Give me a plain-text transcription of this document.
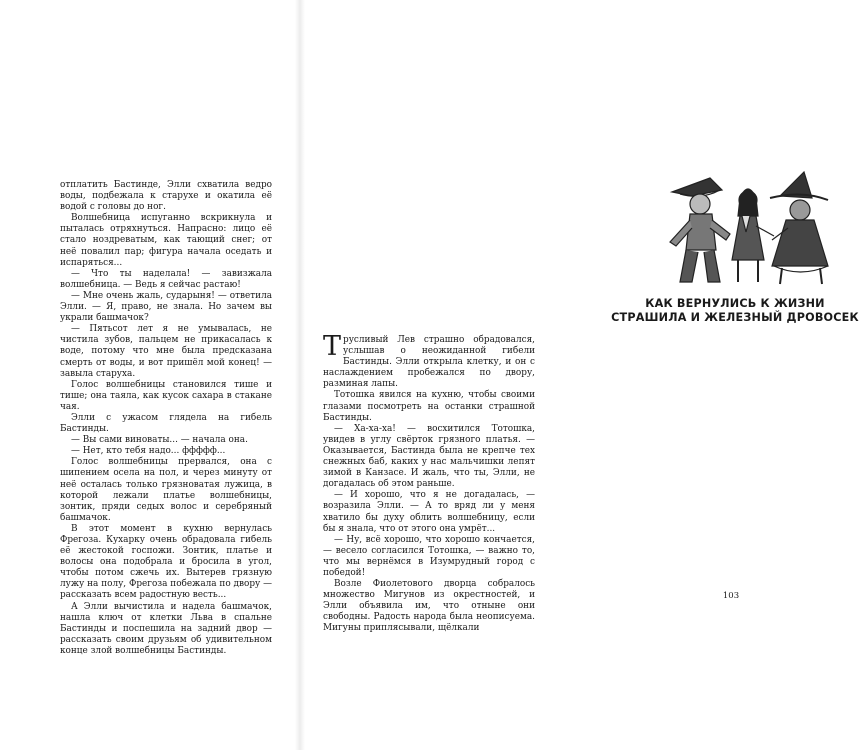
отплатить Бастинде, Элли схватила ведро воды, подбежала к старухе и окатила её водой с головы до ног.

Волшебница испуганно вскрикнула и пыталась отряхнуться. Напрасно: лицо её стало ноздреватым, как тающий снег; от неё повалил пар; фигура начала оседать и испаряться...

— Что ты наделала! — завизжала волшебница. — Ведь я сейчас растаю!

— Мне очень жаль, сударыня! — ответила Элли. — Я, право, не знала. Но зачем вы украли башмачок?

— Пятьсот лет я не умывалась, не чистила зубов, пальцем не прикасалась к воде, потому что мне была предсказана смерть от воды, и вот пришёл мой конец! — завыла старуха.

Голос волшебницы становился тише и тише; она таяла, как кусок сахара в стакане чая.

Элли с ужасом глядела на гибель Бастинды.

— Вы сами виноваты... — начала она.

— Нет, кто тебя надо... ффффф...

Голос волшебницы прервался, она с шипением осела на пол, и через минуту от неё осталась только грязноватая лужица, в которой лежали платье волшебницы, зонтик, пряди седых волос и серебряный башмачок.

В этот момент в кухню вернулась Фрегоза. Кухарку очень обрадовала гибель её жестокой госпожи. Зонтик, платье и волосы она подобрала и бросила в угол, чтобы потом сжечь их. Вытерев грязную лужу на полу, Фрегоза побежала по двору — рассказать всем радостную весть...

А Элли вычистила и надела башмачок, нашла ключ от клетки Льва в спальне Бастинды и поспешила на задний двор — рассказать своим друзьям об удивительном конце злой волшебницы Бастинды.

КАК ВЕРНУЛИСЬ К ЖИЗНИ
СТРАШИЛА И ЖЕЛЕЗНЫЙ ДРОВОСЕК
103

Трусливый Лев страшно обрадовался, услышав о неожиданной гибели Бастинды. Элли открыла клетку, и он с наслаждением пробежался по двору, разминая лапы.

Тотошка явился на кухню, чтобы своими глазами посмотреть на останки страшной Бастинды.

— Ха-ха-ха! — восхитился Тотошка, увидев в углу свёрток грязного платья. — Оказывается, Бастинда была не крепче тех снежных баб, каких у нас мальчишки лепят зимой в Канзасе. И жаль, что ты, Элли, не догадалась об этом раньше.

— И хорошо, что я не догадалась, — возразила Элли. — А то вряд ли у меня хватило бы духу облить волшебницу, если бы я знала, что от этого она умрёт...

— Ну, всё хорошо, что хорошо кончается, — весело согласился Тотошка, — важно то, что мы вернёмся в Изумрудный город с победой!

Возле Фиолетового дворца собралось множество Мигунов из окрестностей, и Элли объявила им, что отныне они свободны. Радость народа была неописуема. Мигуны приплясывали, щёлкали
